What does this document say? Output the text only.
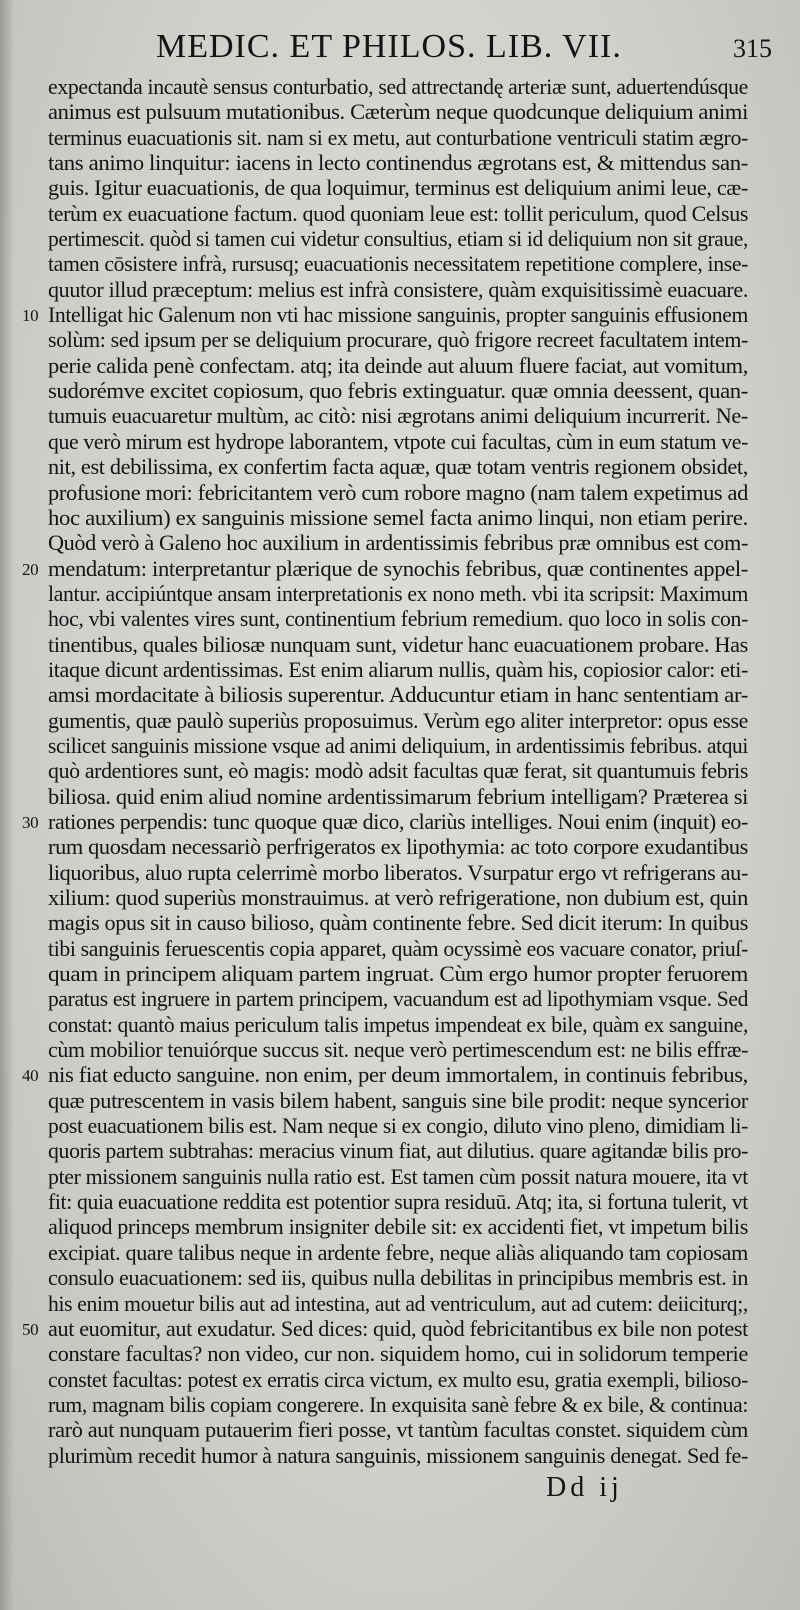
MEDIC. ET PHILOS. LIB. VII.	315
expectanda incautè sensus conturbatio, sed attrectandę arteriæ sunt, aduertendúsque
animus est pulsuum mutationibus. Cæterùm neque quodcunque deliquium animi
terminus euacuationis sit. nam si ex metu, aut conturbatione ventriculi statim ægro-
tans animo linquitur: iacens in lecto continendus ægrotans est, & mittendus san-
guis. Igitur euacuationis, de qua loquimur, terminus est deliquium animi leue, cæ-
terùm ex euacuatione factum. quod quoniam leue est: tollit periculum, quod Celsus
pertimescit. quòd si tamen cui videtur consultius, etiam si id deliquium non sit graue,
tamen cōsistere infrà, rursusq; euacuationis necessitatem repetitione complere, inse-
quutor illud præceptum: melius est infrà consistere, quàm exquisitissimè euacuare.
10 Intelligat hic Galenum non vti hac missione sanguinis, propter sanguinis effusionem
solùm: sed ipsum per se deliquium procurare, quò frigore recreet facultatem intem-
perie calida penè confectam. atq; ita deinde aut aluum fluere faciat, aut vomitum,
sudorémve excitet copiosum, quo febris extinguatur. quæ omnia deessent, quan-
tumuis euacuaretur multùm, ac citò: nisi ægrotans animi deliquium incurrerit. Ne-
que verò mirum est hydrope laborantem, vtpote cui facultas, cùm in eum statum ve-
nit, est debilissima, ex confertim facta aquæ, quæ totam ventris regionem obsidet,
profusione mori: febricitantem verò cum robore magno (nam talem expetimus ad
hoc auxilium) ex sanguinis missione semel facta animo linqui, non etiam perire.
Quòd verò à Galeno hoc auxilium in ardentissimis febribus præ omnibus est com-
20 mendatum: interpretantur plærique de synochis febribus, quæ continentes appel-
lantur. accipiúntque ansam interpretationis ex nono meth. vbi ita scripsit: Maximum
hoc, vbi valentes vires sunt, continentium febrium remedium. quo loco in solis con-
tinentibus, quales biliosæ nunquam sunt, videtur hanc euacuationem probare. Has
itaque dicunt ardentissimas. Est enim aliarum nullis, quàm his, copiosior calor: eti-
amsi mordacitate à biliosis superentur. Adducuntur etiam in hanc sententiam ar-
gumentis, quæ paulò superiùs proposuimus. Verùm ego aliter interpretor: opus esse
scilicet sanguinis missione vsque ad animi deliquium, in ardentissimis febribus. atqui
quò ardentiores sunt, eò magis: modò adsit facultas quæ ferat, sit quantumuis febris
biliosa. quid enim aliud nomine ardentissimarum febrium intelligam? Præterea si
30 rationes perpendis: tunc quoque quæ dico, clariùs intelliges. Noui enim (inquit) eo-
rum quosdam necessariò perfrigeratos ex lipothymia: ac toto corpore exudantibus
liquoribus, aluo rupta celerrimè morbo liberatos. Vsurpatur ergo vt refrigerans au-
xilium: quod superiùs monstrauimus. at verò refrigeratione, non dubium est, quin
magis opus sit in causo bilioso, quàm continente febre. Sed dicit iterum: In quibus
tibi sanguinis feruescentis copia apparet, quàm ocyssimè eos vacuare conator, priuſ-
quam in principem aliquam partem ingruat. Cùm ergo humor propter feruorem
paratus est ingruere in partem principem, vacuandum est ad lipothymiam vsque. Sed
constat: quantò maius periculum talis impetus impendeat ex bile, quàm ex sanguine,
cùm mobilior tenuiórque succus sit. neque verò pertimescendum est: ne bilis effræ-
40 nis fiat educto sanguine. non enim, per deum immortalem, in continuis febribus,
quæ putrescentem in vasis bilem habent, sanguis sine bile prodit: neque syncerior
post euacuationem bilis est. Nam neque si ex congio, diluto vino pleno, dimidiam li-
quoris partem subtrahas: meracius vinum fiat, aut dilutius. quare agitandæ bilis pro-
pter missionem sanguinis nulla ratio est. Est tamen cùm possit natura mouere, ita vt
fit: quia euacuatione reddita est potentior supra residuū. Atq; ita, si fortuna tulerit, vt
aliquod princeps membrum insigniter debile sit: ex accidenti fiet, vt impetum bilis
excipiat. quare talibus neque in ardente febre, neque aliàs aliquando tam copiosam
consulo euacuationem: sed iis, quibus nulla debilitas in principibus membris est. in
his enim mouetur bilis aut ad intestina, aut ad ventriculum, aut ad cutem: deiiciturq;,
50 aut euomitur, aut exudatur. Sed dices: quid, quòd febricitantibus ex bile non potest
constare facultas? non video, cur non. siquidem homo, cui in solidorum temperie
constet facultas: potest ex erratis circa victum, ex multo esu, gratia exempli, bilioso-
rum, magnam bilis copiam congerere. In exquisita sanè febre & ex bile, & continua:
rarò aut nunquam putauerim fieri posse, vt tantùm facultas constet. siquidem cùm
plurimùm recedit humor à natura sanguinis, missionem sanguinis denegat. Sed fe-
Dd ij
